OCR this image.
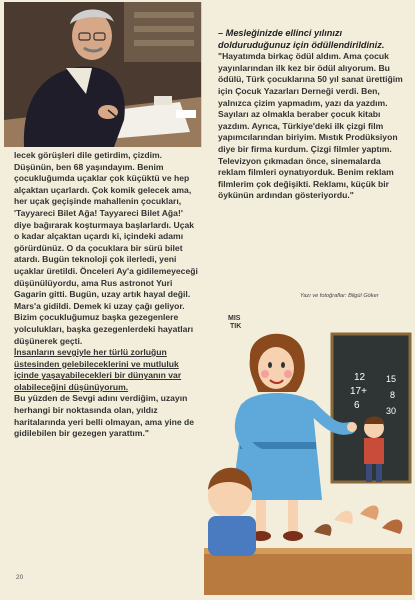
lecek görüşleri dile getirdim, çizdim. Düşünün, ben 68 yaşındayım. Benim çocukluğumda uçaklar çok küçüktü ve hep alçaktan uçarlardı. Çok komik gelecek ama, her uçak geçişinde mahallenin çocukları, 'Tayyareci Bilet Ağa! Tayyareci Bilet Ağa!' diye bağırarak koşturmaya başlarlardı. Uçak o kadar alçaktan uçardı ki, içindeki adamı görürdünüz. O da çocuklara bir sürü bilet atardı. Bugün teknoloji çok ilerledi, yeni uçaklar üretildi. Önceleri Ay'a gidilemeyeceği düşünülüyordu, ama Rus astronot Yuri Gagarin gitti. Bugün, uzay artık hayal değil. Mars'a gidildi. Demek ki uzay çağı geliyor. Bizim çocukluğumuz başka gezegenlere yolculukları, başka gezegenlerdeki hayatları düşünerek geçti.

İnsanların sevgiyle her türlü zorluğun üstesinden gelebileceklerini ve mutluluk içinde yaşayabilecekleri bir dünyanın var olabileceğini düşünüyorum.

Bu yüzden de Sevgi adını verdiğim, uzayın herhangi bir noktasında olan, yıldız haritalarında yeri belli olmayan, ama yine de gidilebilen bir gezegen yarattım."

– Mesleğinizde ellinci yılınızı dolduruduğunuz için ödüllendirildiniz.

"Hayatımda birkaç ödül aldım. Ama çocuk yayınlarından ilk kez bir ödül alıyorum. Bu ödülü, Türk çocuklarına 50 yıl sanat ürettiğim için Çocuk Yazarları Derneği verdi. Ben, yalnızca çizim yapmadım, yazı da yazdım. Sayıları az olmakla beraber çocuk kitabı yazdım. Ayrıca, Türkiye'deki ilk çizgi film yapımcılarından biriyim. Mıstık Prodüksiyon diye bir firma kurdum. Çizgi filmler yaptım. Televizyon çıkmadan önce, sinemalarda reklam filmleri oynatıyorduk. Benim reklam filmlerim çok değişikti. Reklamı, küçük bir öykünün ardından gösteriyordu."

Yazı ve fotoğraflar: Bilgül Göker
MIS
TIK
12
17+
6
15
8
30
20
